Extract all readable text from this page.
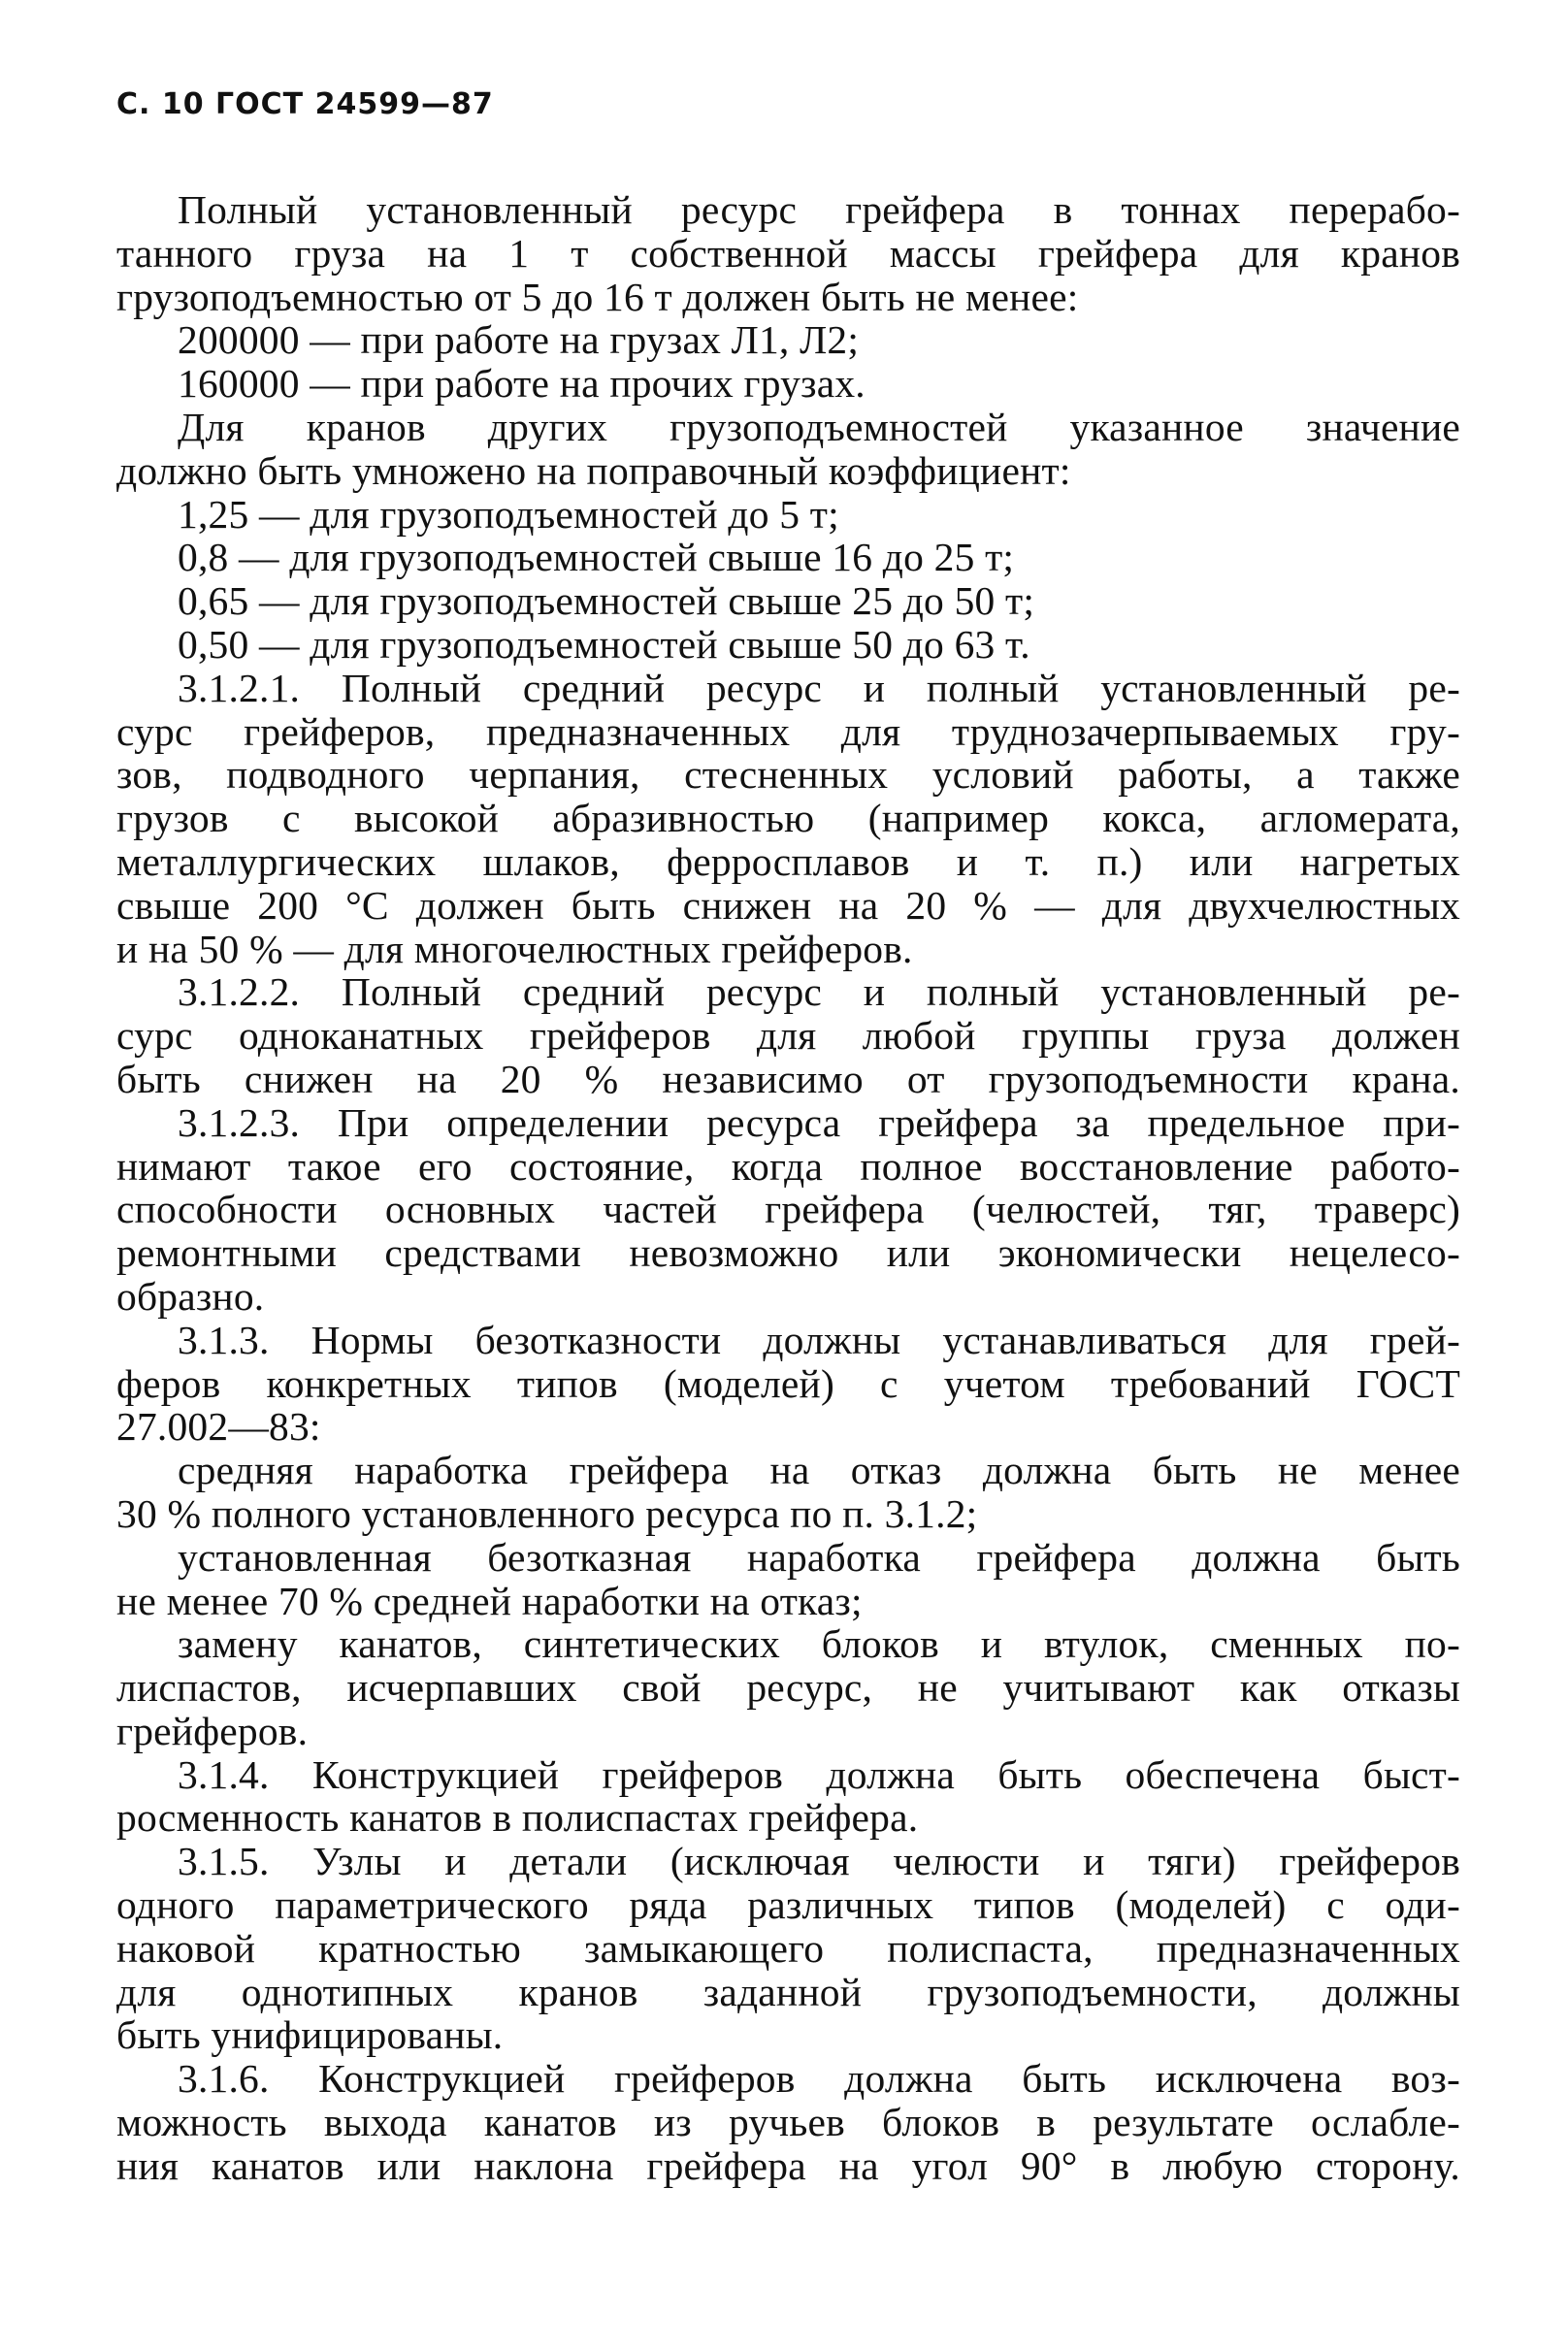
С. 10 ГОСТ 24599—87
Полный установленный ресурс грейфера в тоннах перерабо-
танного груза на 1 т собственной массы грейфера для кранов
грузоподъемностью от 5 до 16 т должен быть не менее:
200000 — при работе на грузах Л1, Л2;
160000 — при работе на прочих грузах.
Для кранов других грузоподъемностей указанное значение
должно быть умножено на поправочный коэффициент:
1,25 — для грузоподъемностей до 5 т;
0,8 — для грузоподъемностей свыше 16 до 25 т;
0,65 — для грузоподъемностей свыше 25 до 50 т;
0,50 — для грузоподъемностей свыше 50 до 63 т.
3.1.2.1. Полный средний ресурс и полный установленный ре-
сурс грейферов, предназначенных для труднозачерпываемых гру-
зов, подводного черпания, стесненных условий работы, а также
грузов с высокой абразивностью (например кокса, агломерата,
металлургических шлаков, ферросплавов и т. п.) или нагретых
свыше 200 °С должен быть снижен на 20 % — для двухчелюстных
и на 50 % — для многочелюстных грейферов.
3.1.2.2. Полный средний ресурс и полный установленный ре-
сурс одноканатных грейферов для любой группы груза должен
быть снижен на 20 % независимо от грузоподъемности крана.
3.1.2.3. При определении ресурса грейфера за предельное при-
нимают такое его состояние, когда полное восстановление работо-
способности основных частей грейфера (челюстей, тяг, траверс)
ремонтными средствами невозможно или экономически нецелесо-
образно.
3.1.3. Нормы безотказности должны устанавливаться для грей-
феров конкретных типов (моделей) с учетом требований ГОСТ
27.002—83:
средняя наработка грейфера на отказ должна быть не менее
30 % полного установленного ресурса по п. 3.1.2;
установленная безотказная наработка грейфера должна быть
не менее 70 % средней наработки на отказ;
замену канатов, синтетических блоков и втулок, сменных по-
лиспастов, исчерпавших свой ресурс, не учитывают как отказы
грейферов.
3.1.4. Конструкцией грейферов должна быть обеспечена быст-
росменность канатов в полиспастах грейфера.
3.1.5. Узлы и детали (исключая челюсти и тяги) грейферов
одного параметрического ряда различных типов (моделей) с оди-
наковой кратностью замыкающего полиспаста, предназначенных
для однотипных кранов заданной грузоподъемности, должны
быть унифицированы.
3.1.6. Конструкцией грейферов должна быть исключена воз-
можность выхода канатов из ручьев блоков в результате ослабле-
ния канатов или наклона грейфера на угол 90° в любую сторону.
